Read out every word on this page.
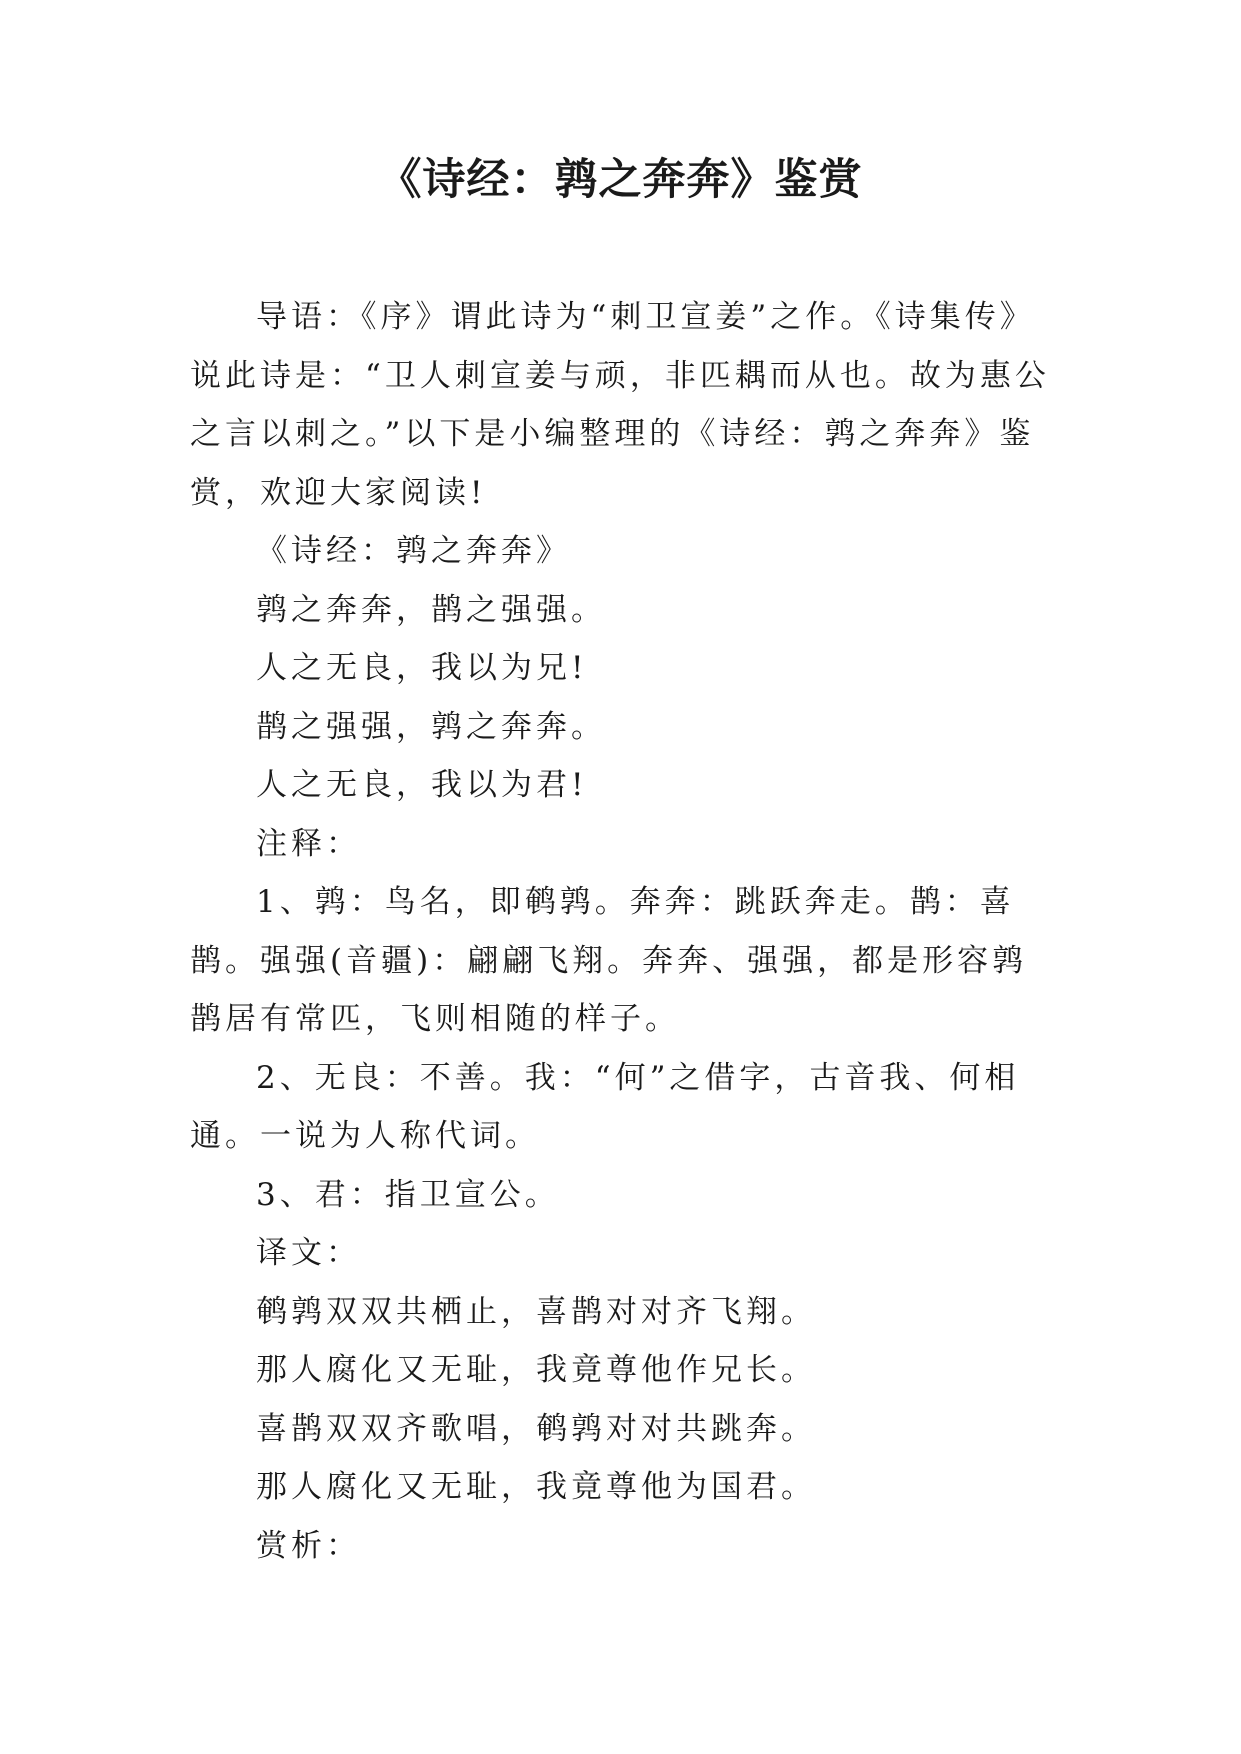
《诗经：鹑之奔奔》鉴赏

导语：《序》谓此诗为“刺卫宣姜”之作。《诗集传》说此诗是：“卫人刺宣姜与顽，非匹耦而从也。故为惠公之言以刺之。”以下是小编整理的《诗经：鹑之奔奔》鉴赏，欢迎大家阅读!

《诗经：鹑之奔奔》

鹑之奔奔，鹊之强强。

人之无良，我以为兄!

鹊之强强，鹑之奔奔。

人之无良，我以为君!

注释：

1、鹑：鸟名，即鹌鹑。奔奔：跳跃奔走。鹊：喜鹊。强强(音疆)：翩翩飞翔。奔奔、强强，都是形容鹑鹊居有常匹，飞则相随的样子。

2、无良：不善。我：“何”之借字，古音我、何相通。一说为人称代词。

3、君：指卫宣公。

译文：

鹌鹑双双共栖止，喜鹊对对齐飞翔。

那人腐化又无耻，我竟尊他作兄长。

喜鹊双双齐歌唱，鹌鹑对对共跳奔。

那人腐化又无耻，我竟尊他为国君。

赏析：
